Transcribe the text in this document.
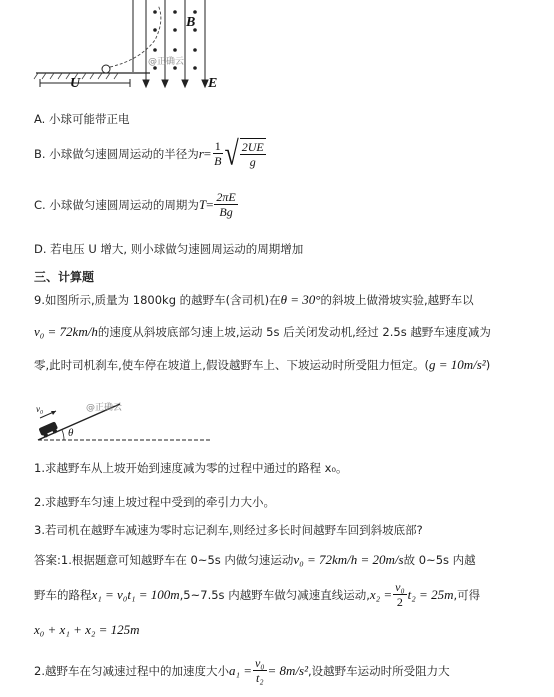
B
E
U
@正确云
A. 小球可能带正电
B. 小球做匀速圆周运动的半径为 $r = \frac{1}{B}$ √ $\frac{2UE}{g}$
C. 小球做匀速圆周运动的周期为 $T = \frac{2\pi E}{Bg}$
D. 若电压 U 增大, 则小球做匀速圆周运动的周期增加
三、计算题
9.如图所示,质量为 1800kg 的越野车(含司机)在 θ = 30° 的斜坡上做滑坡实验,越野车以
v₀ = 72km/h 的速度从斜坡底部匀速上坡,运动 5s 后关闭发动机,经过 2.5s 越野车速度减为
零,此时司机刹车,使车停在坡道上,假设越野车上、下坡运动时所受阻力恒定。( g = 10m/s² )
v₀
θ
@正确云
1.求越野车从上坡开始到速度减为零的过程中通过的路程 x₀。
2.求越野车匀速上坡过程中受到的牵引力大小。
3.若司机在越野车减速为零时忘记刹车,则经过多长时间越野车回到斜坡底部?
答案:1.根据题意可知越野车在 0~5s 内做匀速运动 v₀ = 72km/h = 20m/s 故 0~5s 内越
野车的路程 x₁ = v₀t₁ = 100m ,5~7.5s 内越野车做匀减速直线运动, $x_2 = \frac{\text{v₀}}{2} t_2 = 25m$ ,可得
x₀ + x₁ + x₂ = 125m
2.越野车在匀减速过程中的加速度大小 $a_1 = \frac{\text{v₀}}{\text{t₂}} = 8m/s^2$ ,设越野车运动时所受阻力大
